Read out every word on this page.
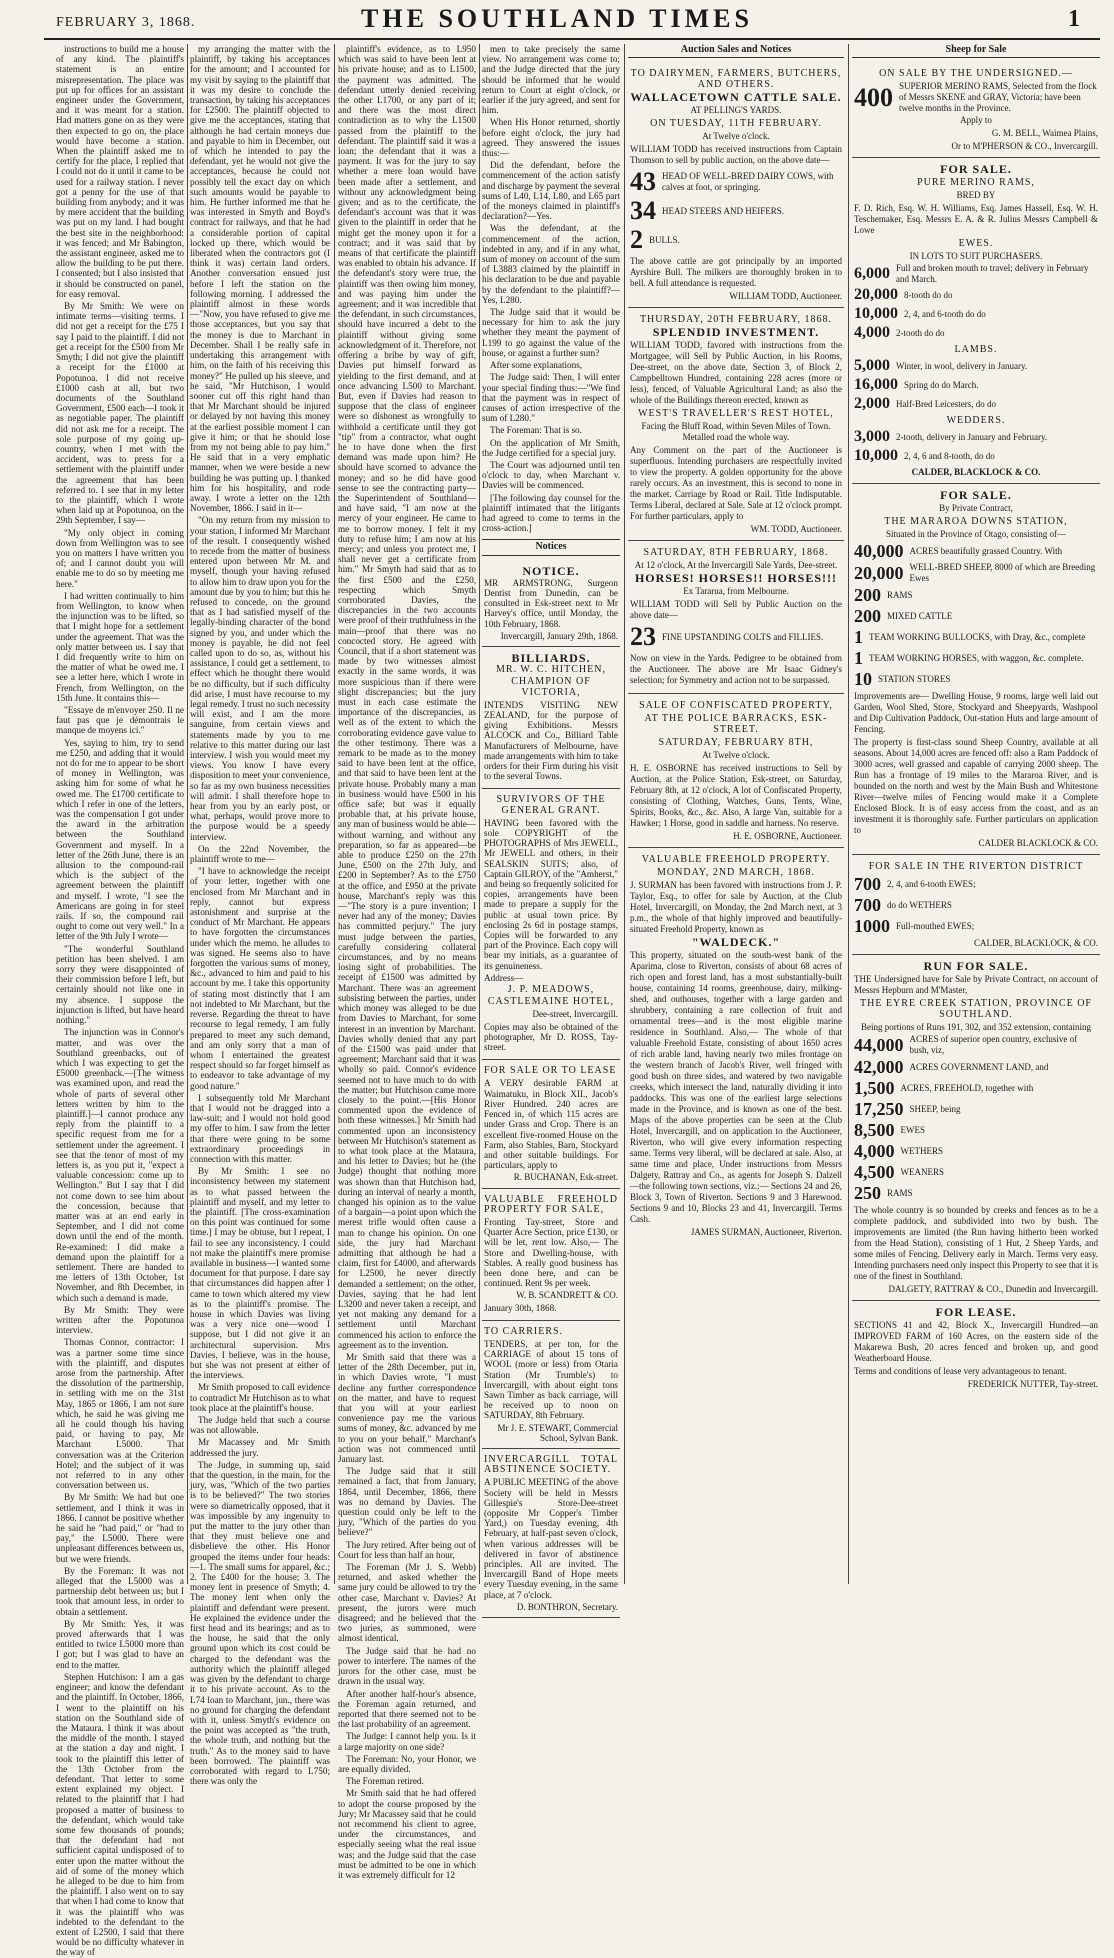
FEBRUARY 3, 1868.	THE SOUTHLAND TIMES	1

instructions to build me a house of any kind. The plaintiff's statement is an entire misrepresentation. The place was put up for offices for an assistant engineer under the Government, and it was meant for a station. Had matters gone on as they were then expected to go on, the place would have become a station. When the plaintiff asked me to certify for the place, I replied that I could not do it until it came to be used for a railway station. I never got a penny for the use of that building from anybody; and it was by mere accident that the building was put on my land. I had bought the best site in the neighborhood: it was fenced; and Mr Babington, the assistant engineer, asked me to allow the building to be put there. I consented; but I also insisted that it should be constructed on panel, for easy removal.

By Mr Smith: We were on intimate terms—visiting terms. I did not get a receipt for the £75 I say I paid to the plaintiff. I did not get a receipt for the £500 from Mr Smyth; I did not give the plaintiff a receipt for the £1000 at Popotunoa. I did not receive £1000 cash at all, but two documents of the Southland Government, £500 each—I took it as negotiable paper. The plaintiff did not ask me for a receipt. The sole purpose of my going up-country, when I met with the accident, was to press for a settlement with the plaintiff under the agreement that has been referred to. I see that in my letter to the plaintiff, which I wrote when laid up at Popotunoa, on the 29th September, I say—

"My only object in coming down from Wellington was to see you on matters I have written you of; and I cannot doubt you will enable me to do so by meeting me here."

I had written continually to him from Wellington, to know when the injunction was to be lifted, so that I might hope for a settlement under the agreement. That was the only matter between us. I say that I did frequently write to him on the matter of what he owed me. I see a letter here, which I wrote in French, from Wellington, on the 15th June. It contains this—

"Essaye de m'envoyer 250. Il ne faut pas que je démontrais le manque de moyens ici."

Yes, saying to him, try to send me £250, and adding that it would not do for me to appear to be short of money in Wellington, was asking him for some of what he owed me. The £1700 certificate to which I refer in one of the letters, was the compensation I got under the award in the arbitration between the Southland Government and myself. In a letter of the 26th June, there is an allusion to the compound-rail which is the subject of the agreement between the plaintiff and myself. I wrote, "I see the Americans are going in for steel rails. If so, the compound rail ought to come out very well." In a letter of the 9th July I wrote—

"The wonderful Southland petition has been shelved. I am sorry they were disappointed of their commission before I left, but certainly should not like one in my absence. I suppose the injunction is lifted, but have heard nothing."

The injunction was in Connor's matter, and was over the Southland greenbacks, out of which I was expecting to get the £5000 greenback.—[The witness was examined upon, and read the whole of parts of several other letters written by him to the plaintiff.]—I cannot produce any reply from the plaintiff to a specific request from me for a settlement under the agreement. I see that the tenor of most of my letters is, as you put it, "expect a valuable concession: come up to Wellington." But I say that I did not come down to see him about the concession, because that matter was at an end early in September, and I did not come down until the end of the month. Re-examined: I did make a demand upon the plaintiff for a settlement. There are handed to me letters of 13th October, 1st November, and 8th December, in which such a demand is made.

By Mr Smith: They were written after the Popotunoa interview.

Thomas Connor, contractor: I was a partner some time since with the plaintiff, and disputes arose from the partnership. After the dissolution of the partnership, in settling with me on the 31st May, 1865 or 1866, I am not sure which, he said he was giving me all he could though his having paid, or having to pay, Mr Marchant L5000. That conversation was at the Criterion Hotel; and the subject of it was not referred to in any other conversation between us.

By Mr Smith: We had but one settlement, and I think it was in 1866. I cannot be positive whether he said he "had paid," or "had to pay," the L5000. There were unpleasant differences between us, but we were friends.

By the Foreman: It was not alleged that the L5000 was a partnership debt between us; but I took that amount less, in order to obtain a settlement.

By Mr Smith: Yes, it was proved afterwards that I was entitled to twice L5000 more than I got; but I was glad to have an end to the matter.

Stephen Hutchison: I am a gas engineer; and know the defendant and the plaintiff. In October, 1866, I went to the plaintiff on his station on the Southland side of the Mataura. I think it was about the middle of the month. I stayed at the station a day and night. I took to the plaintiff this letter of the 13th October from the defendant. That letter to some extent explained my object. I related to the plaintiff that I had proposed a matter of business to the defendant, which would take some few thousands of pounds; that the defendant had not sufficient capital undisposed of to enter upon the matter without the aid of some of the money which he alleged to be due to him from the plaintiff. I also went on to say that when I had come to know that it was the plaintiff who was indebted to the defendant to the extent of L2500, I said that there would be no difficulty whatever in the way of

my arranging the matter with the plaintiff, by taking his acceptances for the amount; and I accounted for my visit by saying to the plaintiff that it was my desire to conclude the transaction, by taking his acceptances for £2500. The plaintiff objected to give me the acceptances, stating that although he had certain moneys due and payable to him in December, out of which he intended to pay the defendant, yet he would not give the acceptances, because he could not possibly tell the exact day on which such amounts would be payable to him. He further informed me that he was interested in Smyth and Boyd's contract for railways, and that he had a considerable portion of capital locked up there, which would be liberated when the contractors got (I think it was) certain land orders. Another conversation ensued just before I left the station on the following morning. I addressed the plaintiff almost in these words—"Now, you have refused to give me those acceptances, but you say that the money is due to Marchant in December. Shall I be really safe in undertaking this arrangement with him, on the faith of his receiving this money?" He pulled up his sleeve, and he said, "Mr Hutchison, I would sooner cut off this right hand than that Mr Marchant should be injured or delayed by not having this money at the earliest possible moment I can give it him; or that he should lose from my not being able to pay him." He said that in a very emphatic manner, when we were beside a new building he was putting up. I thanked him for his hospitality, and rode away. I wrote a letter on the 12th November, 1866. I said in it—

"On my return from my mission to your station, I informed Mr Marchant of the result. I consequently wished to recede from the matter of business entered upon between Mr M. and myself, though your having refused to allow him to draw upon you for the amount due by you to him; but this he refused to concede, on the ground that as I had satisfied myself of the legally-binding character of the bond signed by you, and under which the money is payable, he did not feel called upon to do so, as, without his assistance, I could get a settlement, to effect which he thought there would be no difficulty, but if such difficulty did arise, I must have recourse to my legal remedy. I trust no such necessity will exist, and I am the more sanguine, from certain views and statements made by you to me relative to this matter during our last interview. I wish you would meet my views. You know I have every disposition to meet your convenience, so far as my own business necessities will admit. I shall therefore hope to hear from you by an early post, or what, perhaps, would prove more to the purpose would be a speedy interview.

On the 22nd November, the plaintiff wrote to me—

"I have to acknowledge the receipt of your letter, together with one enclosed from Mr Marchant and in reply, cannot but express astonishment and surprise at the conduct of Mr Marchant. He appears to have forgotten the circumstances under which the memo. he alludes to was signed. He seems also to have forgotten the various sums of money, &c., advanced to him and paid to his account by me. I take this opportunity of stating most distinctly that I am not indebted to Mr Marchant, but the reverse. Regarding the threat to have recourse to legal remedy, I am fully prepared to meet any such demand, and am only sorry that a man of whom I entertained the greatest respect should so far forget himself as to endeavor to take advantage of my good nature."

I subsequently told Mr Marchant that I would not be dragged into a law-suit; and I would not hold good my offer to him. I saw from the letter that there were going to be some extraordinary proceedings in connection with this matter.

By Mr Smith: I see no inconsistency between my statement as to what passed between the plaintiff and myself, and my letter to the plaintiff. [The cross-examination on this point was continued for some time.] I may be obtuse, but I repeat, I fail to see any inconsistency. I could not make the plaintiff's mere promise available in business—I wanted some document for that purpose. I dare say that circumstances did happen after I came to town which altered my view as to the plaintiff's promise. The house in which Davies was living was a very nice one—wood I suppose, but I did not give it an architectural supervision. Mrs Davies, I believe, was in the house, but she was not present at either of the interviews.

Mr Smith proposed to call evidence to contradict Mr Hutchison as to what took place at the plaintiff's house.

The Judge held that such a course was not allowable.

Mr Macassey and Mr Smith addressed the jury.

The Judge, in summing up, said that the question, in the main, for the jury, was, "Which of the two parties is to be believed?" The two stories were so diametrically opposed, that it was impossible by any ingenuity to put the matter to the jury other than that they must believe one and disbelieve the other. His Honor grouped the items under four heads:—1. The small sums for apparel, &c.; 2. The £400 for the house; 3. The money lent in presence of Smyth; 4. The money lent when only the plaintiff and defendant were present. He explained the evidence under the first head and its bearings; and as to the house, he said that the only ground upon which its cost could be charged to the defendant was the authority which the plaintiff alleged was given by the defendant to charge it to his private account. As to the L74 loan to Marchant, jun., there was no ground for charging the defendant with it, unless Smyth's evidence on the point was accepted as "the truth, the whole truth, and nothing but the truth." As to the money said to have been borrowed. The plaintiff was corroborated with regard to L750; there was only the

plaintiff's evidence, as to L950 which was said to have been lent at his private house; and as to L1500, the payment was admitted. The defendant utterly denied receiving the other L1700, or any part of it; and there was the most direct contradiction as to why the L1500 passed from the plaintiff to the defendant. The plaintiff said it was a loan; the defendant that it was a payment. It was for the jury to say whether a mere loan would have been made after a settlement, and without any acknowledgment being given; and as to the certificate, the defendant's account was that it was given to the plaintiff in order that he might get the money upon it for a contract; and it was said that by means of that certificate the plaintiff was enabled to obtain his advance. If the defendant's story were true, the plaintiff was then owing him money, and was paying him under the agreement; and it was incredible that the defendant, in such circumstances, should have incurred a debt to the plaintiff without giving some acknowledgment of it. Therefore, not offering a bribe by way of gift, Davies put himself forward as yielding to the first demand, and at once advancing L500 to Marchant. But, even if Davies had reason to suppose that the class of engineer were so dishonest as wrongfully to withhold a certificate until they got "tip" from a contractor, what ought he to have done when the first demand was made upon him? He should have scorned to advance the money; and so he did have good sense to see the contracting party—the Superintendent of Southland—and have said, "I am now at the mercy of your engineer. He came to me to borrow money. I felt it my duty to refuse him; I am now at his mercy; and unless you protect me, I shall never get a certificate from him." Mr Smyth had said that as to the first £500 and the £250, respecting which Smyth corroborated Davies, the discrepancies in the two accounts were proof of their truthfulness in the main—proof that there was no concocted story. He agreed with Council, that if a short statement was made by two witnesses almost exactly in the same words, it was more suspicious than if there were slight discrepancies; but the jury must in each case estimate the importance of the discrepancies, as well as of the extent to which the corroborating evidence gave value to the other testimony. There was a remark to be made as to the money said to have been lent at the office, and that said to have been lent at the private house. Probably many a man in business would have £500 in his office safe; but was it equally probable that, at his private house, any man of business would be able—without warning, and without any preparation, so far as appeared—be able to produce £250 on the 27th June, £500 on the 27th July, and £200 in September? As to the £750 at the office, and £950 at the private house, Marchant's reply was this—"The story is a pure invention; I never had any of the money; Davies has committed perjury." The jury must judge between the parties, carefully considering collateral circumstances, and by no means losing sight of probabilities. The receipt of £1500 was admitted by Marchant. There was an agreement subsisting between the parties, under which money was alleged to be due from Davies to Marchant, for some interest in an invention by Marchant. Davies wholly denied that any part of the £1500 was paid under that agreement; Marchant said that it was wholly so paid. Connor's evidence seemed not to have much to do with the matter; but Hutchison came more closely to the point.—[His Honor commented upon the evidence of both these witnesses.] Mr Smith had commented upon an inconsistency between Mr Hutchison's statement as to what took place at the Mataura, and his letter to Davies; but he (the Judge) thought that nothing more was shown than that Hutchison had, during an interval of nearly a month, changed his opinion as to the value of a bargain—a point upon which the merest trifle would often cause a man to change his opinion. On one side, the jury had Marchant admitting that although he had a claim, first for £4000, and afterwards for L2500, he never directly demanded a settlement; on the other, Davies, saying that he had lent L3200 and never taken a receipt, and yet not making any demand for a settlement until Marchant commenced his action to enforce the agreement as to the invention.

Mr Smith said that there was a letter of the 28th December, put in, in which Davies wrote, "I must decline any further correspondence on the matter, and have to request that you will at your earliest convenience pay me the various sums of money, &c. advanced by me to you on your behalf." Marchant's action was not commenced until January last.

The Judge said that it still remained a fact, that from January, 1864, until December, 1866, there was no demand by Davies. The question could only be left to the jury, "Which of the parties do you believe?"

The Jury retired. After being out of Court for less than half an hour,

The Foreman (Mr J. S. Webb) returned, and asked whether the same jury could be allowed to try the other case, Marchant v. Davies? At present, the jurors were much disagreed; and he believed that the two juries, as summoned, were almost identical.

The Judge said that he had no power to interfere. The names of the jurors for the other case, must be drawn in the usual way.

After another half-hour's absence, the Foreman again returned, and reported that there seemed not to be the last probability of an agreement.

The Judge: I cannot help you. Is it a large majority on one side?

The Foreman: No, your Honor, we are equally divided.

The Foreman retired.

Mr Smith said that he had offered to adopt the course proposed by the Jury; Mr Macassey said that he could not recommend his client to agree, under the circumstances, and especially seeing what the real issue was; and the Judge said that the case must be admitted to be one in which it was extremely difficult for 12

men to take precisely the same view. No arrangement was come to; and the Judge directed that the jury should be informed that he would return to Court at eight o'clock, or earlier if the jury agreed, and sent for him.

When His Honor returned, shortly before eight o'clock, the jury had agreed. They answered the issues thus:—

Did the defendant, before the commencement of the action satisfy and discharge by payment the several sums of L40, L14, L80, and L65 part of the moneys claimed in plaintiff's declaration?—Yes.

Was the defendant, at the commencement of the action, indebted in any, and if in any what, sum of money on account of the sum of L3883 claimed by the plaintiff in his declaration to be due and payable by the defendant to the plaintiff?—Yes, L280.

The Judge said that it would be necessary for him to ask the jury whether they meant the payment of L199 to go against the value of the house, or against a further sum?

After some explanations,

The Judge said: Then, I will enter your special finding thus:—"We find that the payment was in respect of causes of action irrespective of the sum of L280."

The Foreman: That is so.

On the application of Mr Smith, the Judge certified for a special jury.

The Court was adjourned until ten o'clock to day, when Marchant v. Davies will be commenced.

[The following day counsel for the plaintiff intimated that the litigants had agreed to come to terms in the cross-action.]

Notices
NOTICE.
MR ARMSTRONG, Surgeon Dentist from Dunedin, can be consulted in Esk-street next to Mr Harvey's office, until Monday, the 10th February, 1868.
Invercargill, January 29th, 1868.
BILLIARDS.
MR. W. C. HITCHEN,
CHAMPION OF VICTORIA,
INTENDS VISITING NEW ZEALAND, for the purpose of giving Exhibitions. Messrs ALCOCK and Co., Billiard Table Manufacturers of Melbourne, have made arrangements with him to take orders for their Firm during his visit to the several Towns.
SURVIVORS OF THE GENERAL GRANT.
HAVING been favored with the sole COPYRIGHT of the PHOTOGRAPHS of Mrs JEWELL, Mr JEWELL and others, in their SEALSKIN SUITS; also, of Captain GILROY, of the "Amherst," and being so frequently solicited for copies, arrangements have been made to prepare a supply for the public at usual town price. By enclosing 2s 6d in postage stamps, Copies will be forwarded to any part of the Province. Each copy will bear my initials, as a guarantee of its genuineness.
Address—
J. P. MEADOWS,
CASTLEMAINE HOTEL,
Dee-street, Invercargill.
Copies may also be obtained of the photographer, Mr D. ROSS, Tay-street.
FOR SALE OR TO LEASE
A VERY desirable FARM at Waimatuku, in Block XII., Jacob's River Hundred. 240 acres are Fenced in, of which 115 acres are under Grass and Crop. There is an excellent five-roomed House on the Farm, also Stables, Barn, Stockyard and other suitable buildings. For particulars, apply to
R. BUCHANAN, Esk-street.
VALUABLE FREEHOLD PROPERTY FOR SALE,
Fronting Tay-street, Store and Quarter Acre Section, price £130, or will be let, rent low. Also,— The Store and Dwelling-house, with Stables. A really good business has been done here, and can be continued. Rent 9s per week.
W. B. SCANDRETT & CO.
January 30th, 1868.
TO CARRIERS.
TENDERS, at per ton, for the CARRIAGE of about 15 tons of WOOL (more or less) from Otaria Station (Mr Trumble's) to Invercargill, with about eight tons Sawn Timber as back carriage, will be received up to noon on SATURDAY, 8th February.
Mr J. E. STEWART, Commercial School, Sylvan Bank.
INVERCARGILL TOTAL ABSTINENCE SOCIETY.
A PUBLIC MEETING of the above Society will be held in Messrs Gillespie's Store-Dee-street (opposite Mr Copper's Timber Yard,) on Tuesday evening, 4th February, at half-past seven o'clock, when various addresses will be delivered in favor of abstinence principles. All are invited. The Invercargill Band of Hope meets every Tuesday evening, in the same place, at 7 o'clock.
D. BONTHRON, Secretary.
Auction Sales and Notices
TO DAIRYMEN, FARMERS, BUTCHERS, AND OTHERS.
WALLACETOWN CATTLE SALE.
AT PELLING'S YARDS.
ON TUESDAY, 11TH FEBRUARY.
At Twelve o'clock.
WILLIAM TODD has received instructions from Captain Thomson to sell by public auction, on the above date—
43 HEAD OF WELL-BRED DAIRY COWS, with calves at foot, or springing.
34 HEAD STEERS AND HEIFERS.
2 BULLS.
The above cattle are got principally by an imported Ayrshire Bull. The milkers are thoroughly broken in to bell. A full attendance is requested.
WILLIAM TODD, Auctioneer.
THURSDAY, 20TH FEBRUARY, 1868.
SPLENDID INVESTMENT.
WILLIAM TODD, favored with instructions from the Mortgagee, will Sell by Public Auction, in his Rooms, Dee-street, on the above date, Section 3, of Block 2, Campbelltown Hundred, containing 228 acres (more or less), fenced, of Valuable Agricultural Land; as also the whole of the Buildings thereon erected, known as
WEST'S TRAVELLER'S REST HOTEL,
Facing the Bluff Road, within Seven Miles of Town. Metalled road the whole way.
Any Comment on the part of the Auctioneer is superfluous. Intending purchasers are respectfully invited to view the property. A golden opportunity for the above rarely occurs. As an investment, this is second to none in the market. Carriage by Road or Rail. Title Indisputable. Terms Liberal, declared at Sale. Sale at 12 o'clock prompt. For further particulars, apply to
WM. TODD, Auctioneer.
SATURDAY, 8TH FEBRUARY, 1868.
At 12 o'clock, At the Invercargill Sale Yards, Dee-street.
HORSES! HORSES!! HORSES!!!
Ex Tararua, from Melbourne.
WILLIAM TODD will Sell by Public Auction on the above date—
23 FINE UPSTANDING COLTS and FILLIES.
Now on view in the Yards. Pedigree to be obtained from the Auctioneer. The above are Mr Isaac Gidney's selection; for Symmetry and action not to be surpassed.
SALE OF CONFISCATED PROPERTY,
AT THE POLICE BARRACKS, ESK-STREET.
SATURDAY, FEBRUARY 8TH,
At Twelve o'clock.
H. E. OSBORNE has received instructions to Sell by Auction, at the Police Station, Esk-street, on Saturday, February 8th, at 12 o'clock, A lot of Confiscated Property, consisting of Clothing, Watches, Guns, Tents, Wine, Spirits, Books, &c., &c. Also, A large Van, suitable for a Hawker; 1 Horse, good in saddle and harness. No reserve.
H. E. OSBORNE, Auctioneer.
VALUABLE FREEHOLD PROPERTY.
MONDAY, 2ND MARCH, 1868.
J. SURMAN has been favored with instructions from J. P. Taylor, Esq., to offer for sale by Auction, at the Club Hotel, Invercargill, on Monday, the 2nd March next, at 3 p.m., the whole of that highly improved and beautifully-situated Freehold Property, known as
"WALDECK."
This property, situated on the south-west bank of the Aparima, close to Riverton, consists of about 68 acres of rich open and forest land, has a most substantially-built house, containing 14 rooms, greenhouse, dairy, milking-shed, and outhouses, together with a large garden and shrubbery, containing a rare collection of fruit and ornamental trees—and is the most eligible marine residence in Southland. Also,— The whole of that valuable Freehold Estate, consisting of about 1650 acres of rich arable land, having nearly two miles frontage on the western branch of Jacob's River, well fringed with good bush on three sides, and watered by two navigable creeks, which intersect the land, naturally dividing it into paddocks. This was one of the earliest large selections made in the Province, and is known as one of the best. Maps of the above properties can be seen at the Club Hotel, Invercargill, and on application to the Auctioneer, Riverton, who will give every information respecting same. Terms very liberal, will be declared at sale. Also, at same time and place, Under instructions from Messrs Dalgety, Rattray and Co., as agents for Joseph S. Dalzell—the following town sections, viz.:— Sections 24 and 26, Block 3, Town of Riverton. Sections 9 and 3 Harewood. Sections 9 and 10, Blocks 23 and 41, Invercargill. Terms Cash.
JAMES SURMAN, Auctioneer, Riverton.
Sheep for Sale
ON SALE BY THE UNDERSIGNED.—
400 SUPERIOR MERINO RAMS, Selected from the flock of Messrs SKENE and GRAY, Victoria; have been twelve months in the Province.
Apply to
G. M. BELL, Waimea Plains,
Or to M'PHERSON & CO., Invercargill.
FOR SALE.
PURE MERINO RAMS,
BRED BY
F. D. Rich, Esq. W. H. Williams, Esq. James Hassell, Esq. W. H. Teschemaker, Esq. Messrs E. A. & R. Julius Messrs Campbell & Lowe
EWES.
IN LOTS TO SUIT PURCHASERS.
6,000 Full and broken mouth to travel; delivery in February and March.
20,000 8-tooth do do
10,000 2, 4, and 6-tooth do do
4,000 2-tooth do do
LAMBS.
5,000 Winter, in wool, delivery in January.
16,000 Spring do do March.
2,000 Half-Bred Leicesters, do do
WEDDERS.
3,000 2-tooth, delivery in January and February.
10,000 2, 4, 6 and 8-tooth, do do
CALDER, BLACKLOCK & CO.
FOR SALE.
By Private Contract,
THE MARAROA DOWNS STATION,
Situated in the Province of Otago, consisting of—
40,000 ACRES beautifully grassed Country. With
20,000 WELL-BRED SHEEP, 8000 of which are Breeding Ewes
200 RAMS
200 MIXED CATTLE
1 TEAM WORKING BULLOCKS, with Dray, &c., complete
1 TEAM WORKING HORSES, with waggon, &c. complete.
10 STATION STORES
Improvements are— Dwelling House, 9 rooms, large well laid out Garden, Wool Shed, Store, Stockyard and Sheepyards, Washpool and Dip Cultivation Paddock, Out-station Huts and large amount of Fencing.
The property is first-class sound Sheep Country, available at all seasons. About 14,000 acres are fenced off: also a Ram Paddock of 3000 acres, well grassed and capable of carrying 2000 sheep. The Run has a frontage of 19 miles to the Mararoa River, and is bounded on the north and west by the Main Bush and Whitestone River—twelve miles of Fencing would make it a Complete Enclosed Block. It is of easy access from the coast, and as an investment it is thoroughly safe. Further particulars on application to
CALDER BLACKLOCK & CO.
FOR SALE IN THE RIVERTON DISTRICT
700 2, 4, and 6-tooth EWES;
700 do do WETHERS
1000 Full-mouthed EWES;
CALDER, BLACKLOCK, & CO.
RUN FOR SALE.
THE Undersigned have for Sale by Private Contract, on account of Messrs Hepburn and M'Master,
THE EYRE CREEK STATION, PROVINCE OF SOUTHLAND.
Being portions of Runs 191, 302, and 352 extension, containing
44,000 ACRES of superior open country, exclusive of bush, viz,
42,000 ACRES GOVERNMENT LAND, and
1,500 ACRES, FREEHOLD, together with
17,250 SHEEP, being
8,500 EWES
4,000 WETHERS
4,500 WEANERS
250 RAMS
The whole country is so bounded by creeks and fences as to be a complete paddock, and subdivided into two by bush. The improvements are limited (the Run having hitherto been worked from the Head Station), consisting of 1 Hut, 2 Sheep Yards, and some miles of Fencing. Delivery early in March. Terms very easy. Intending purchasers need only inspect this Property to see that it is one of the finest in Southland.
DALGETY, RATTRAY & CO., Dunedin and Invercargill.
FOR LEASE.
SECTIONS 41 and 42, Block X., Invercargill Hundred—an IMPROVED FARM of 160 Acres, on the eastern side of the Makarewa Bush, 20 acres fenced and broken up, and good Weatherboard House.
Terms and conditions of lease very advantageous to tenant.
FREDERICK NUTTER, Tay-street.
